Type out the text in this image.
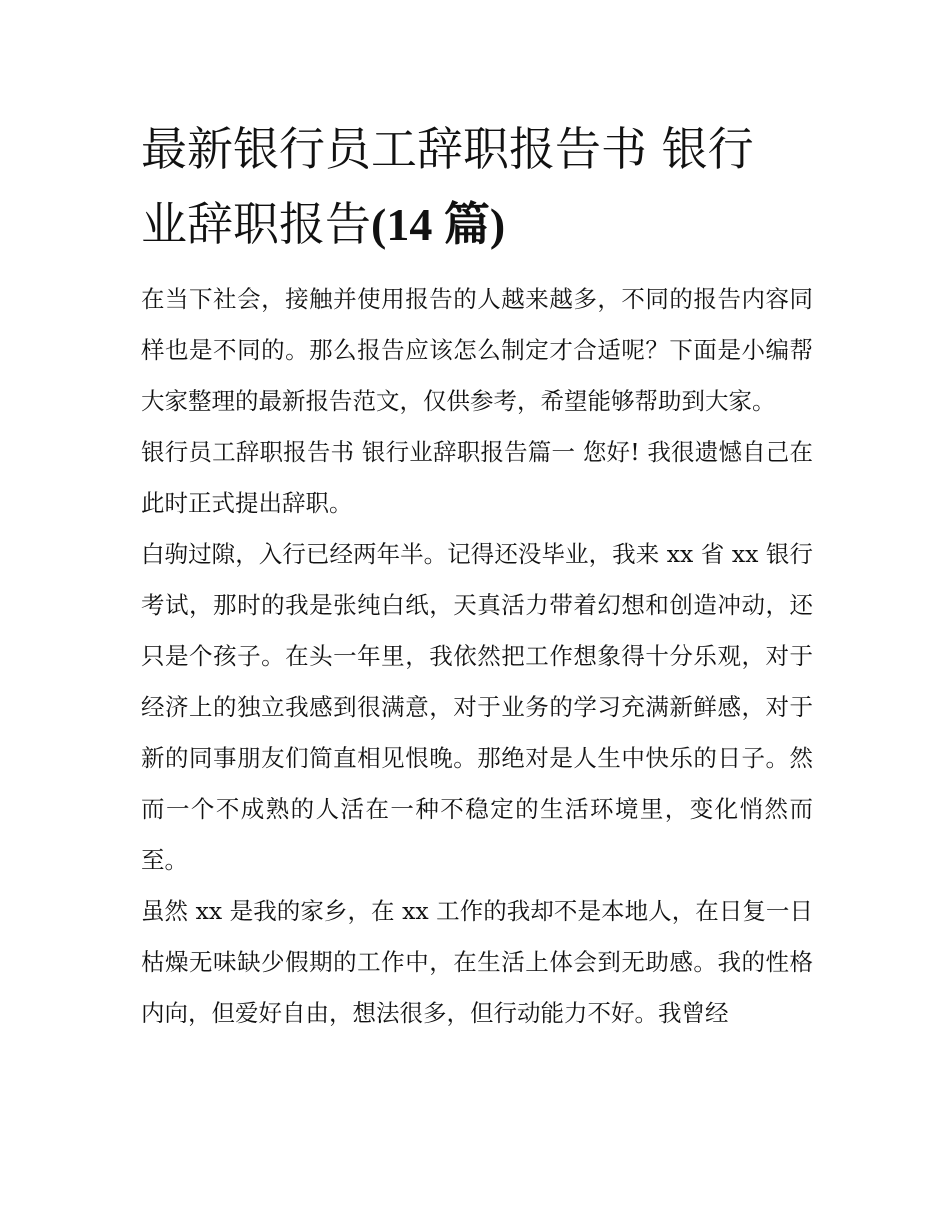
最新银行员工辞职报告书 银行
业辞职报告(14 篇)

在当下社会，接触并使用报告的人越来越多，不同的报告内容同样也是不同的。那么报告应该怎么制定才合适呢？下面是小编帮大家整理的最新报告范文，仅供参考，希望能够帮助到大家。

银行员工辞职报告书 银行业辞职报告篇一 您好! 我很遗憾自己在此时正式提出辞职。

白驹过隙，入行已经两年半。记得还没毕业，我来 xx 省 xx 银行考试，那时的我是张纯白纸，天真活力带着幻想和创造冲动，还只是个孩子。在头一年里，我依然把工作想象得十分乐观，对于经济上的独立我感到很满意，对于业务的学习充满新鲜感，对于新的同事朋友们简直相见恨晚。那绝对是人生中快乐的日子。然而一个不成熟的人活在一种不稳定的生活环境里，变化悄然而至。

虽然 xx 是我的家乡，在 xx 工作的我却不是本地人，在日复一日枯燥无味缺少假期的工作中，在生活上体会到无助感。我的性格内向，但爱好自由，想法很多，但行动能力不好。我曾经
